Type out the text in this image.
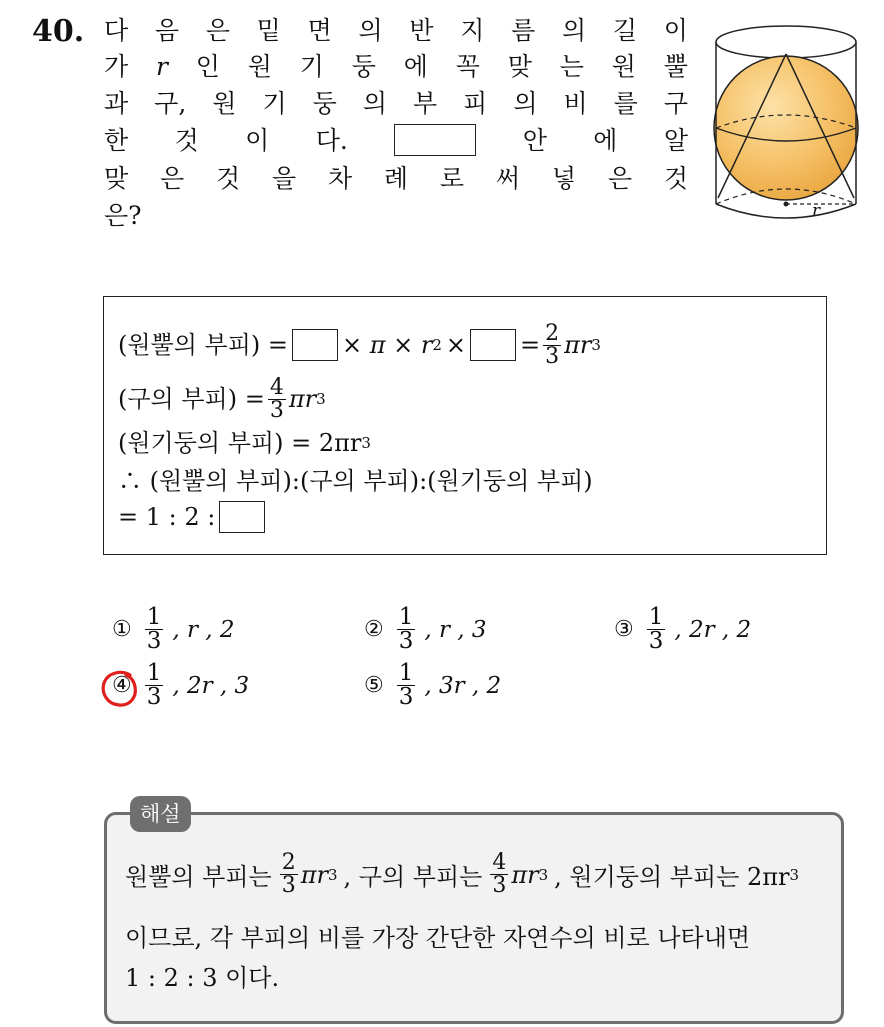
40. 다 음 은 밑 면 의 반 지 름 의 길 이
가 r 인 원 기 둥 에 꼭 맞 는 원 뿔
과 구, 원 기 둥 의 부 피 의 비 를 구
한 것 이 다.	안 에 알
맞 은 것 을 차 례 로 써 넣 은 것
은?	r
(원뿔의 부피) = × π × r 2 × = $\frac{2}{3}$ πr 3
(구의 부피) = $\frac{4}{3}$ πr 3
(원기둥의 부피) = 2πr 3
∴ (원뿔의 부피):(구의 부피):(원기둥의 부피)
= 1 : 2 :
① $\frac{1}{3}$ , r , 2	② $\frac{1}{3}$ , r , 3	③ $\frac{1}{3}$ , 2r , 2
④ $\frac{1}{3}$ , 2r , 3	⑤ $\frac{1}{3}$ , 3r , 2
해설
원뿔의 부피는 $\frac{2}{3}$ πr 3 , 구의 부피는 $\frac{4}{3}$ πr 3 , 원기둥의 부피는 2πr 3
이므로, 각 부피의 비를 가장 간단한 자연수의 비로 나타내면
1 : 2 : 3 이다.
